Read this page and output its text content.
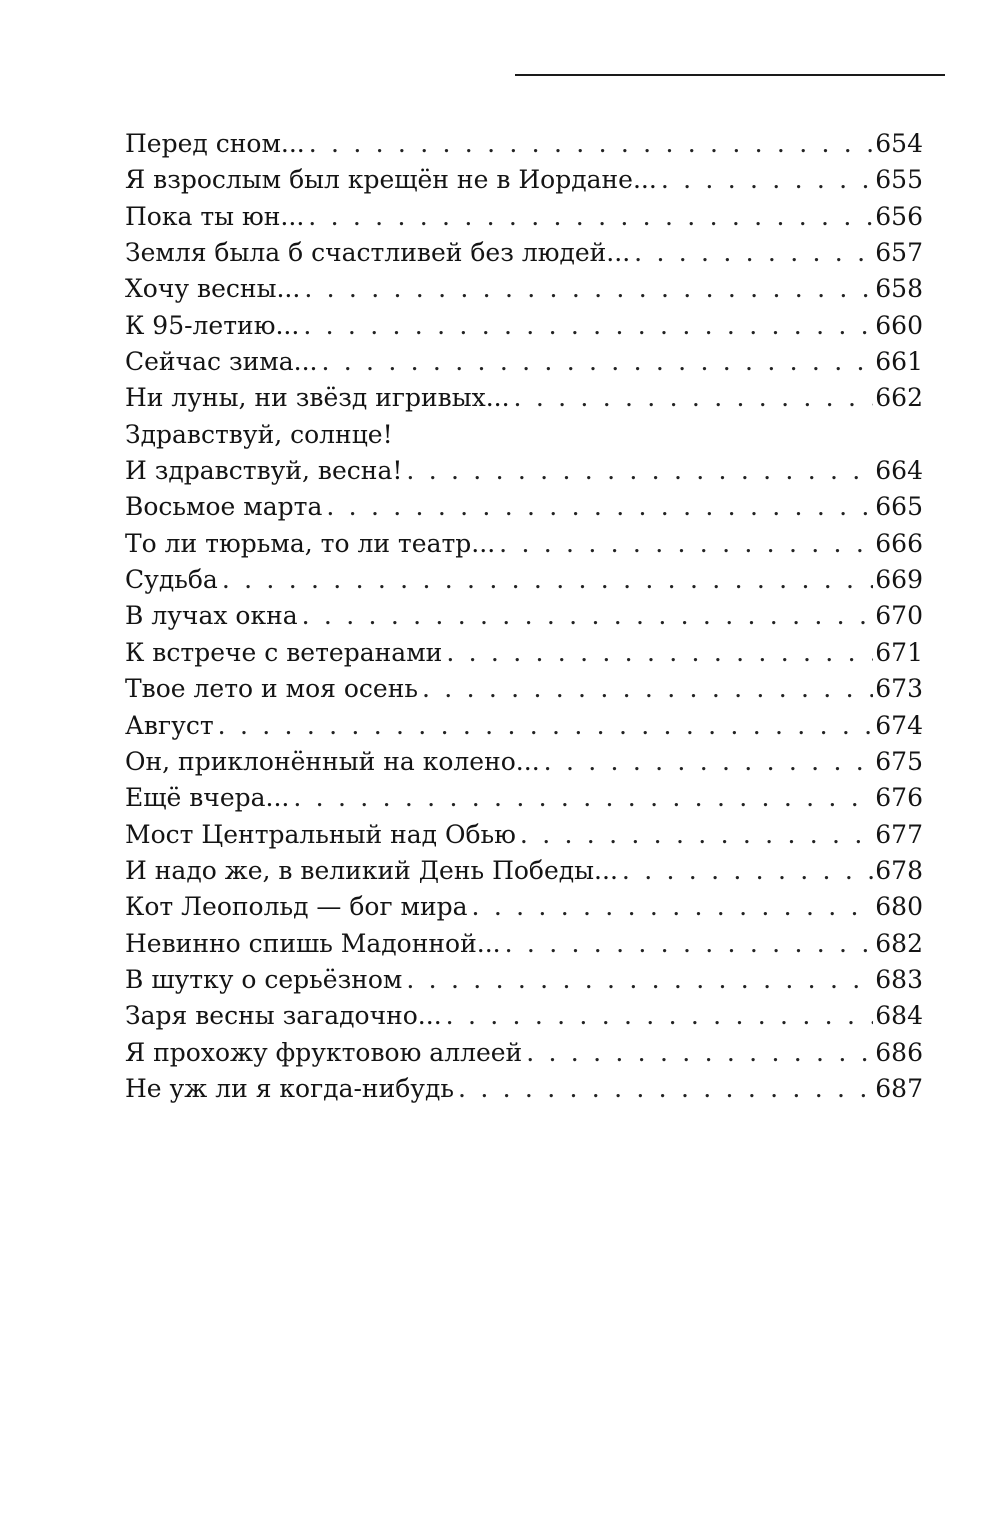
Перед сном... . . .	654
Я взрослым был крещён не в Иордане... . . .	655
Пока ты юн... . . .	656
Земля была б счастливей без людей... . . .	657
Хочу весны... . . .	658
К 95-летию... . . .	660
Сейчас зима... . . .	661
Ни луны, ни звёзд игривых... . . .	662
Здравствуй, солнце!
И здравствуй, весна! . . .	664
Восьмое марта . . .	665
То ли тюрьма, то ли театр... . . .	666
Судьба . . .	669
В лучах окна . . .	670
К встрече с ветеранами . . .	671
Твое лето и моя осень . . .	673
Август . . .	674
Он, приклонённый на колено... . . .	675
Ещё вчера... . . .	676
Мост Центральный над Обью . . .	677
И надо же, в великий День Победы... . . .	678
Кот Леопольд — бог мира . . .	680
Невинно спишь Мадонной... . . .	682
В шутку о серьёзном . . .	683
Заря весны загадочно... . . .	684
Я прохожу фруктовою аллеей . . .	686
Не уж ли я когда-нибудь . . .	687
